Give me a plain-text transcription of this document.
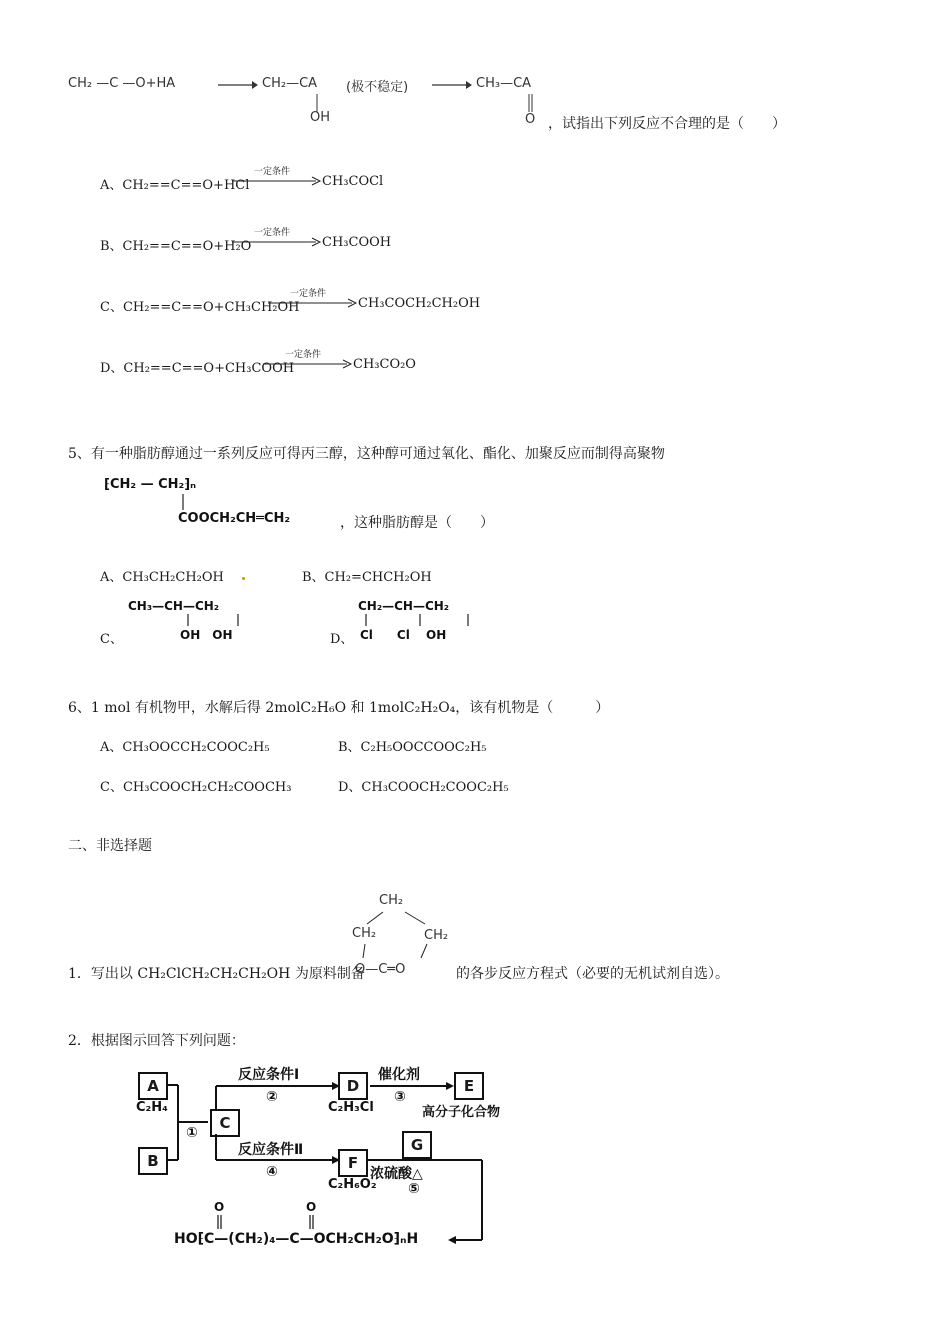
CH₂ —C —O+HA	CH₂—CA
OH
(极不稳定)	CH₃—CA
O ，试指出下列反应不合理的是（　　）
A、CH₂==C==O+HCl
一定条件
CH₃COCl
B、CH₂==C==O+H₂O
一定条件
CH₃COOH
C、CH₂==C==O+CH₃CH₂OH
一定条件
CH₃COCH₂CH₂OH
D、CH₂==C==O+CH₃COOH
一定条件
CH₃CO₂O
5、有一种脂肪醇通过一系列反应可得丙三醇，这种醇可通过氧化、酯化、加聚反应而制得高聚物
⁅CH₂ — CH₂⁆ₙ
COOCH₂CH═CH₂	，这种脂肪醇是（　　）
A、CH₃CH₂CH₂OH	B、CH₂=CHCH₂OH
C、
CH₃—CH—CH₂
OH　OH	D、
CH₂—CH—CH₂
Cl　　Cl　 OH
6、1 mol 有机物甲，水解后得 2molC₂H₆O 和 1molC₂H₂O₄，该有机物是（　　　）
A、CH₃OOCCH₂COOC₂H₅	B、C₂H₅OOCCOOC₂H₅
C、CH₃COOCH₂CH₂COOCH₃	D、CH₃COOCH₂COOC₂H₅
二、非选择题
CH₂
CH₂	CH₂
1．写出以 CH₂ClCH₂CH₂CH₂OH 为原料制备
O—C═O	的各步反应方程式（必要的无机试剂自选）。
2．根据图示回答下列问题：
A
C₂H₄
B
①
C
反应条件Ⅰ
②
D
C₂H₃Cl
催化剂
③
E
高分子化合物
反应条件Ⅱ
④	F
C₂H₆O₂
G
浓硫酸△
⑤
O	O
HO⁅C—(CH₂)₄—C—OCH₂CH₂O⁆ₙH
